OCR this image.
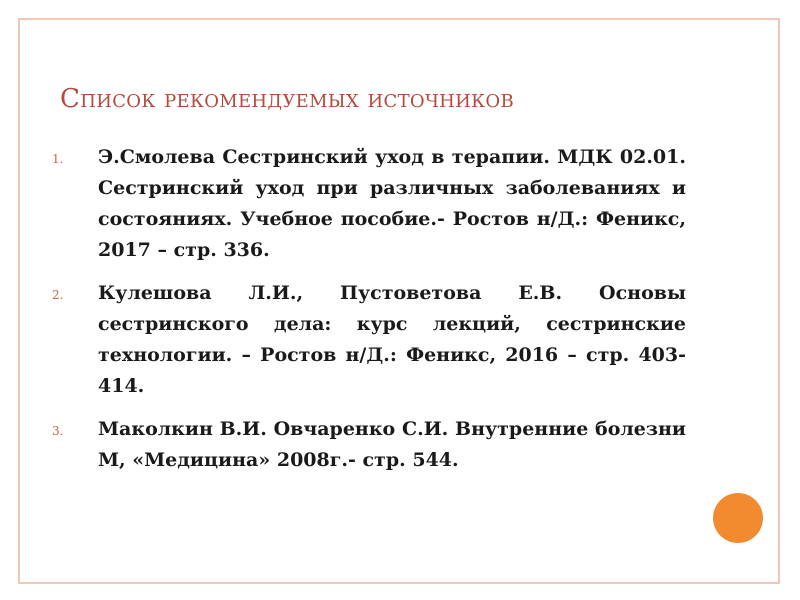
Список рекомендуемых источников
1.	Э.Смолева Сестринский уход в терапии. МДК 02.01. Сестринский уход при различных заболеваниях и состояниях. Учебное пособие.- Ростов н/Д.: Феникс, 2017 – стр. 336.
2.	Кулешова Л.И., Пустоветова Е.В. Основы сестринского дела: курс лекций, сестринские технологии. – Ростов н/Д.: Феникс, 2016 – стр. 403-414.
3.	Маколкин В.И. Овчаренко С.И. Внутренние болезни М, «Медицина» 2008г.- стр. 544.
